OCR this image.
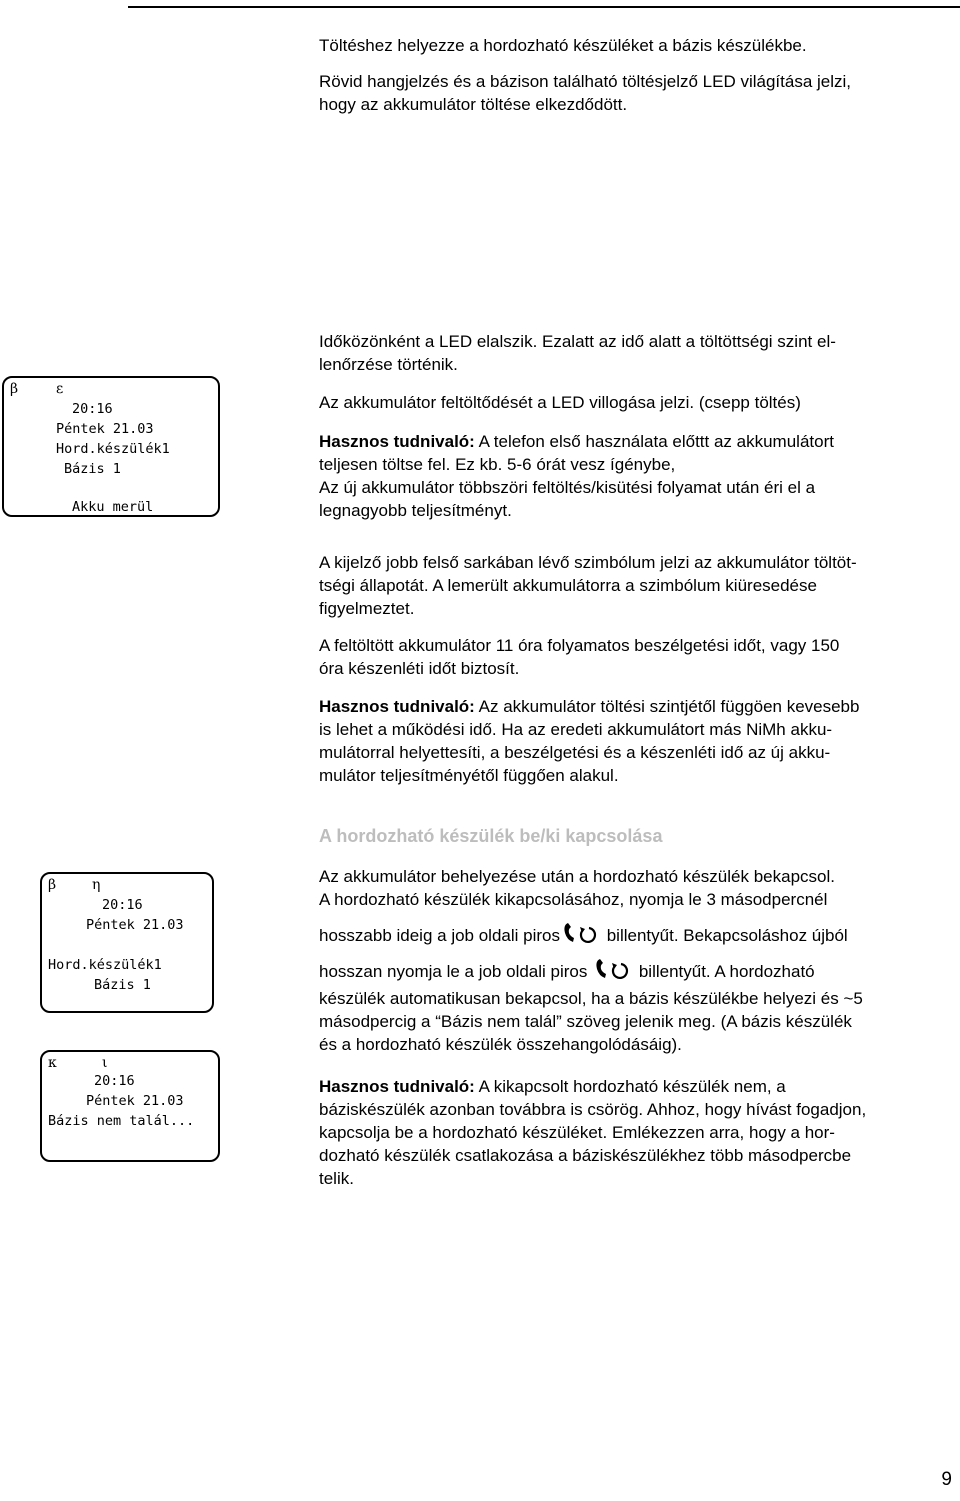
β	ε
20:16
Péntek 21.03
Hord.készülék1
Bázis 1
Akku merül
β	η
20:16
Péntek 21.03
Hord.készülék1
Bázis 1
κ	ι
20:16
Péntek 21.03
Bázis nem talál...

Töltéshez helyezze a hordozható készüléket a bázis készülékbe.

Rövid hangjelzés és a bázison található töltésjelző LED világítása jelzi,
hogy az akkumulátor töltése elkezdődött.

Időközönként a LED elalszik. Ezalatt az idő alatt a töltöttségi szint el-
lenőrzése történik.

Az akkumulátor feltöltődését a LED villogása jelzi. (csepp töltés)

Hasznos tudnivaló: A telefon első használata előttt az akkumulátort
teljesen töltse fel. Ez kb. 5-6 órát vesz ígénybe,
Az új akkumulátor többszöri feltöltés/kisütési folyamat után éri el a
legnagyobb teljesítményt.

A kijelző jobb felső sarkában lévő szimbólum jelzi az akkumulátor töltöt-
tségi állapotát. A lemerült akkumulátorra a szimbólum kiüresedése
figyelmeztet.

A feltöltött akkumulátor 11 óra folyamatos beszélgetési időt, vagy 150
óra készenléti időt biztosít.

Hasznos tudnivaló: Az akkumulátor töltési szintjétől függöen kevesebb
is lehet a működési idő. Ha az eredeti akkumulátort más NiMh akku-
mulátorral helyettesíti, a beszélgetési és a készenléti idő az új akku-
mulátor teljesítményétől függően alakul.

A hordozható készülék be/ki kapcsolása

Az akkumulátor behelyezése után a hordozható készülék bekapcsol.
A hordozható készülék kikapcsolásához, nyomja le 3 másodpercnél

hosszabb ideig a job oldali piros billentyűt. Bekapcsoláshoz újból

hosszan nyomja le a job oldali piros  billentyűt. A hordozható
készülék automatikusan bekapcsol, ha a bázis készülékbe helyezi és ~5
másodpercig a “Bázis nem talál” szöveg jelenik meg. (A bázis készülék
és a hordozható készülék összehangolódásáig).

Hasznos tudnivaló: A kikapcsolt hordozható készülék nem, a
báziskészülék azonban továbbra is csörög. Ahhoz, hogy hívást fogadjon,
kapcsolja be a hordozható készüléket. Emlékezzen arra, hogy a hor-
dozható készülék csatlakozása a báziskészülékhez több másodpercbe
telik.

9
